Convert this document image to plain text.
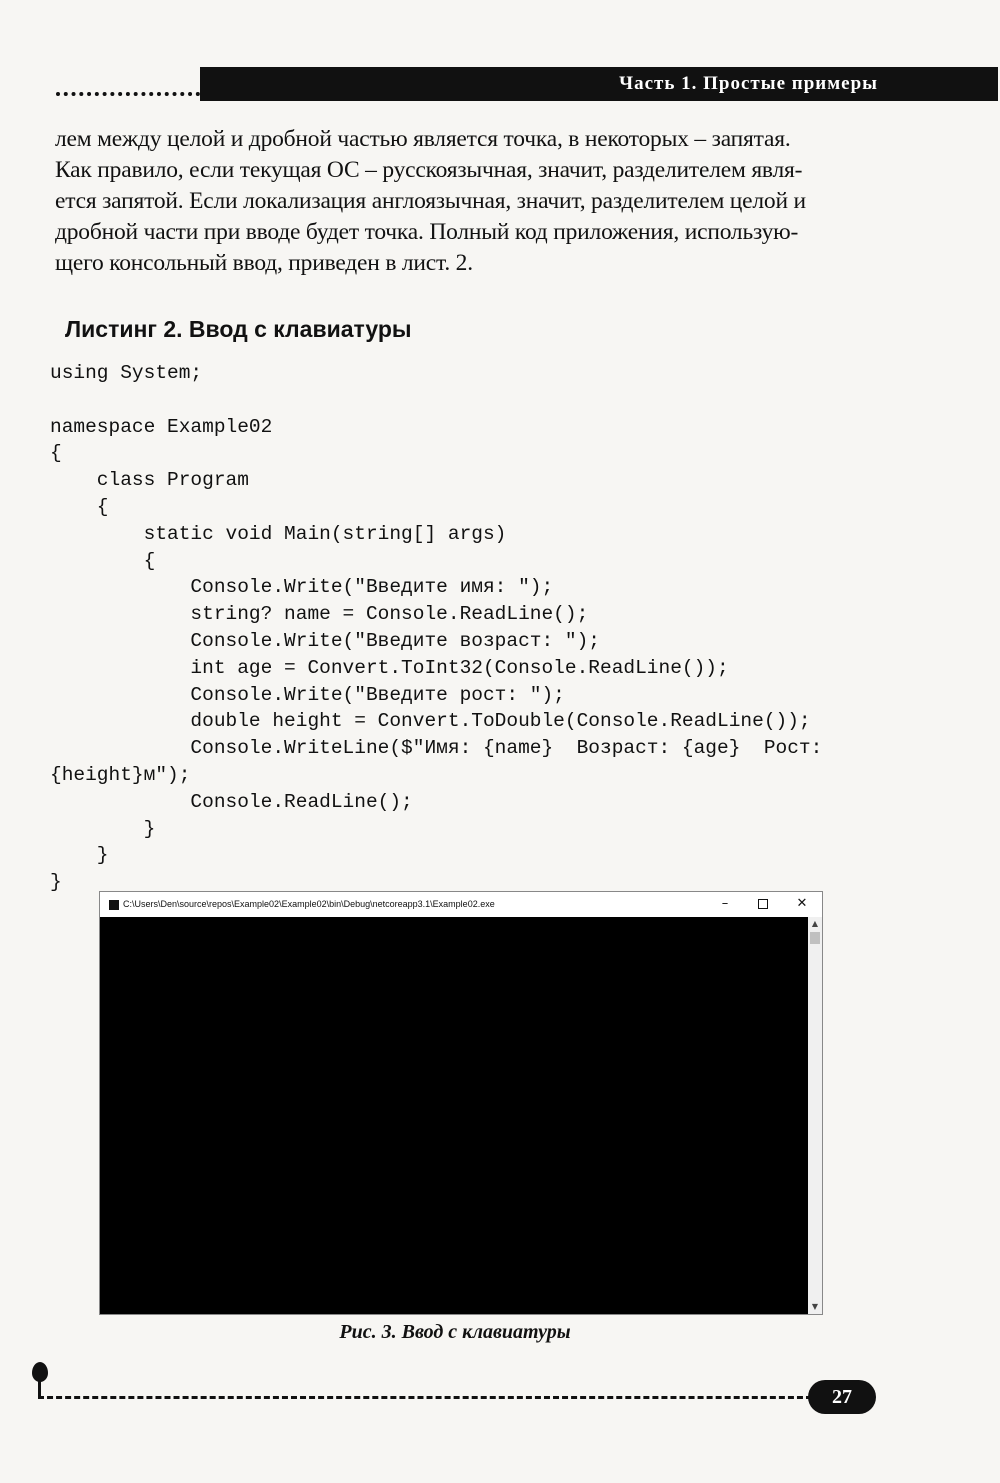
Часть 1. Простые примеры
лем между целой и дробной частью является точка, в некоторых – запятая.
Как правило, если текущая ОС – русскоязычная, значит, разделителем явля-
ется запятой. Если локализация англоязычная, значит, разделителем целой и
дробной части при вводе будет точка. Полный код приложения, использую-
щего консольный ввод, приведен в лист. 2.
Листинг 2. Ввод с клавиатуры
using System;
namespace Example02
{
class Program
{
static void Main(string[] args)
{
Console.Write("Введите имя: ");
string? name = Console.ReadLine();
Console.Write("Введите возраст: ");
int age = Convert.ToInt32(Console.ReadLine());
Console.Write("Введите рост: ");
double height = Convert.ToDouble(Console.ReadLine());
Console.WriteLine($"Имя: {name}  Возраст: {age}  Рост:
{height}м");
Console.ReadLine();
}
}
}
C:\Users\Den\source\repos\Example02\Example02\bin\Debug\netcoreapp3.1\Example02.exe	–	✕
▲
▼
Рис. 3. Ввод с клавиатуры
27
